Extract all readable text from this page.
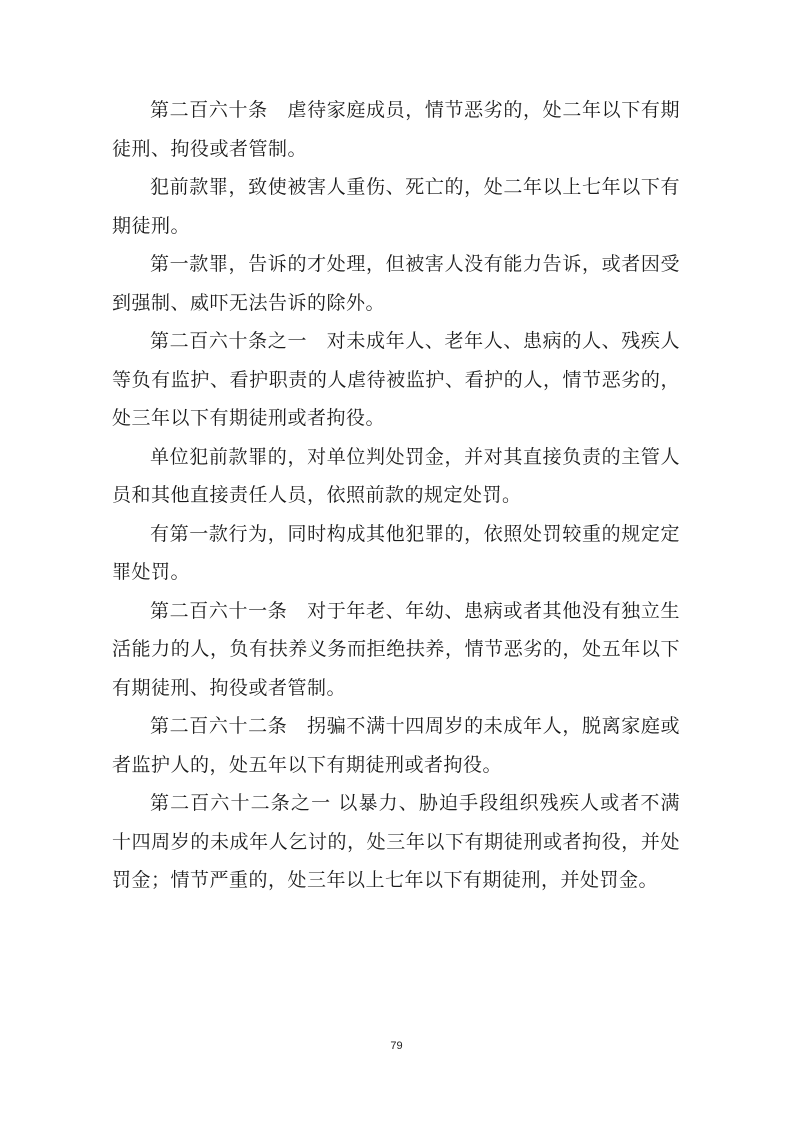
第二百六十条　虐待家庭成员，情节恶劣的，处二年以下有期徒刑、拘役或者管制。

犯前款罪，致使被害人重伤、死亡的，处二年以上七年以下有期徒刑。

第一款罪，告诉的才处理，但被害人没有能力告诉，或者因受到强制、威吓无法告诉的除外。

第二百六十条之一　对未成年人、老年人、患病的人、残疾人等负有监护、看护职责的人虐待被监护、看护的人，情节恶劣的，处三年以下有期徒刑或者拘役。

单位犯前款罪的，对单位判处罚金，并对其直接负责的主管人员和其他直接责任人员，依照前款的规定处罚。

有第一款行为，同时构成其他犯罪的，依照处罚较重的规定定罪处罚。

第二百六十一条　对于年老、年幼、患病或者其他没有独立生活能力的人，负有扶养义务而拒绝扶养，情节恶劣的，处五年以下有期徒刑、拘役或者管制。

第二百六十二条　拐骗不满十四周岁的未成年人，脱离家庭或者监护人的，处五年以下有期徒刑或者拘役。

第二百六十二条之一 以暴力、胁迫手段组织残疾人或者不满十四周岁的未成年人乞讨的，处三年以下有期徒刑或者拘役，并处罚金；情节严重的，处三年以上七年以下有期徒刑，并处罚金。

79
